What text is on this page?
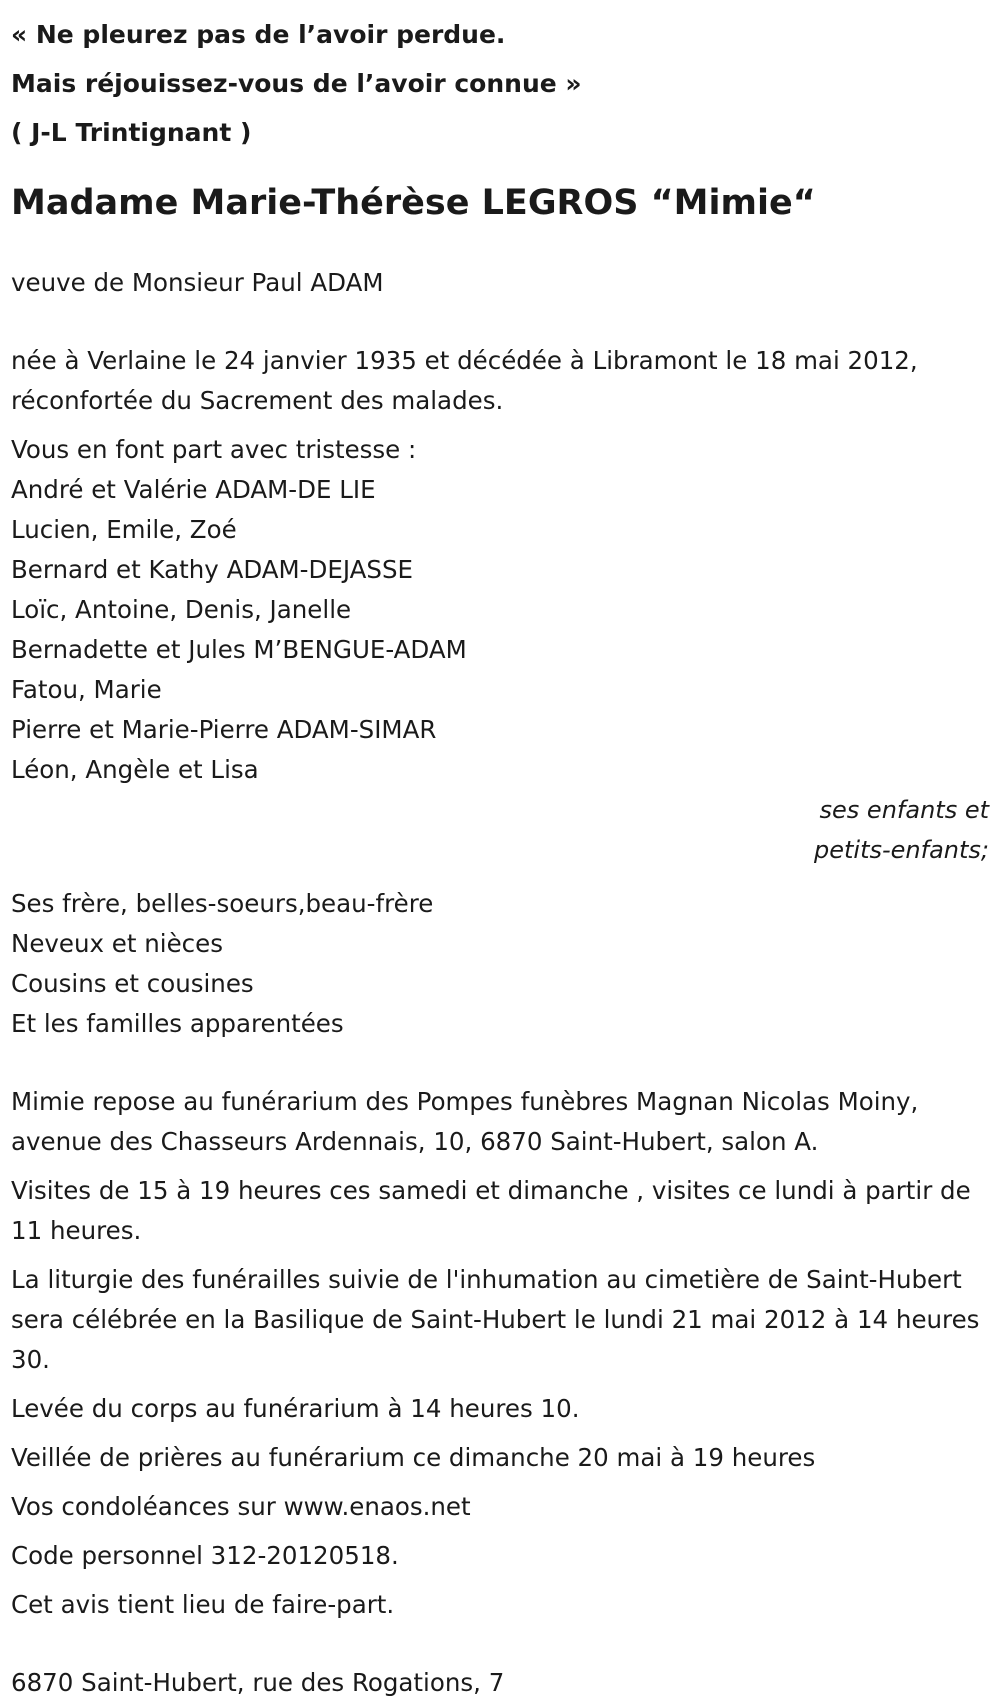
« Ne pleurez pas de l’avoir perdue.
Mais réjouissez-vous de l’avoir connue »
( J-L Trintignant )
Madame Marie-Thérèse LEGROS “Mimie“
veuve de Monsieur Paul ADAM
née à Verlaine le 24 janvier 1935 et décédée à Libramont le 18 mai 2012, réconfortée du Sacrement des malades.
Vous en font part avec tristesse :
André et Valérie ADAM-DE LIE
Lucien, Emile, Zoé
Bernard et Kathy ADAM-DEJASSE
Loïc, Antoine, Denis, Janelle
Bernadette et Jules M’BENGUE-ADAM
Fatou, Marie
Pierre et Marie-Pierre ADAM-SIMAR
Léon, Angèle et Lisa
ses enfants et
petits-enfants;
Ses frère, belles-soeurs,beau-frère
Neveux et nièces
Cousins et cousines
Et les familles apparentées
Mimie repose au funérarium des Pompes funèbres Magnan Nicolas Moiny, avenue des Chasseurs Ardennais, 10, 6870 Saint-Hubert, salon A.
Visites de 15 à 19 heures ces samedi et dimanche , visites ce lundi à partir de 11 heures.
La liturgie des funérailles suivie de l'inhumation au cimetière de Saint-Hubert sera célébrée en la Basilique de Saint-Hubert le lundi 21 mai 2012 à 14 heures 30.
Levée du corps au funérarium à 14 heures 10.
Veillée de prières au funérarium ce dimanche 20 mai à 19 heures
Vos condoléances sur www.enaos.net
Code personnel 312-20120518.
Cet avis tient lieu de faire-part.
6870 Saint-Hubert, rue des Rogations, 7
